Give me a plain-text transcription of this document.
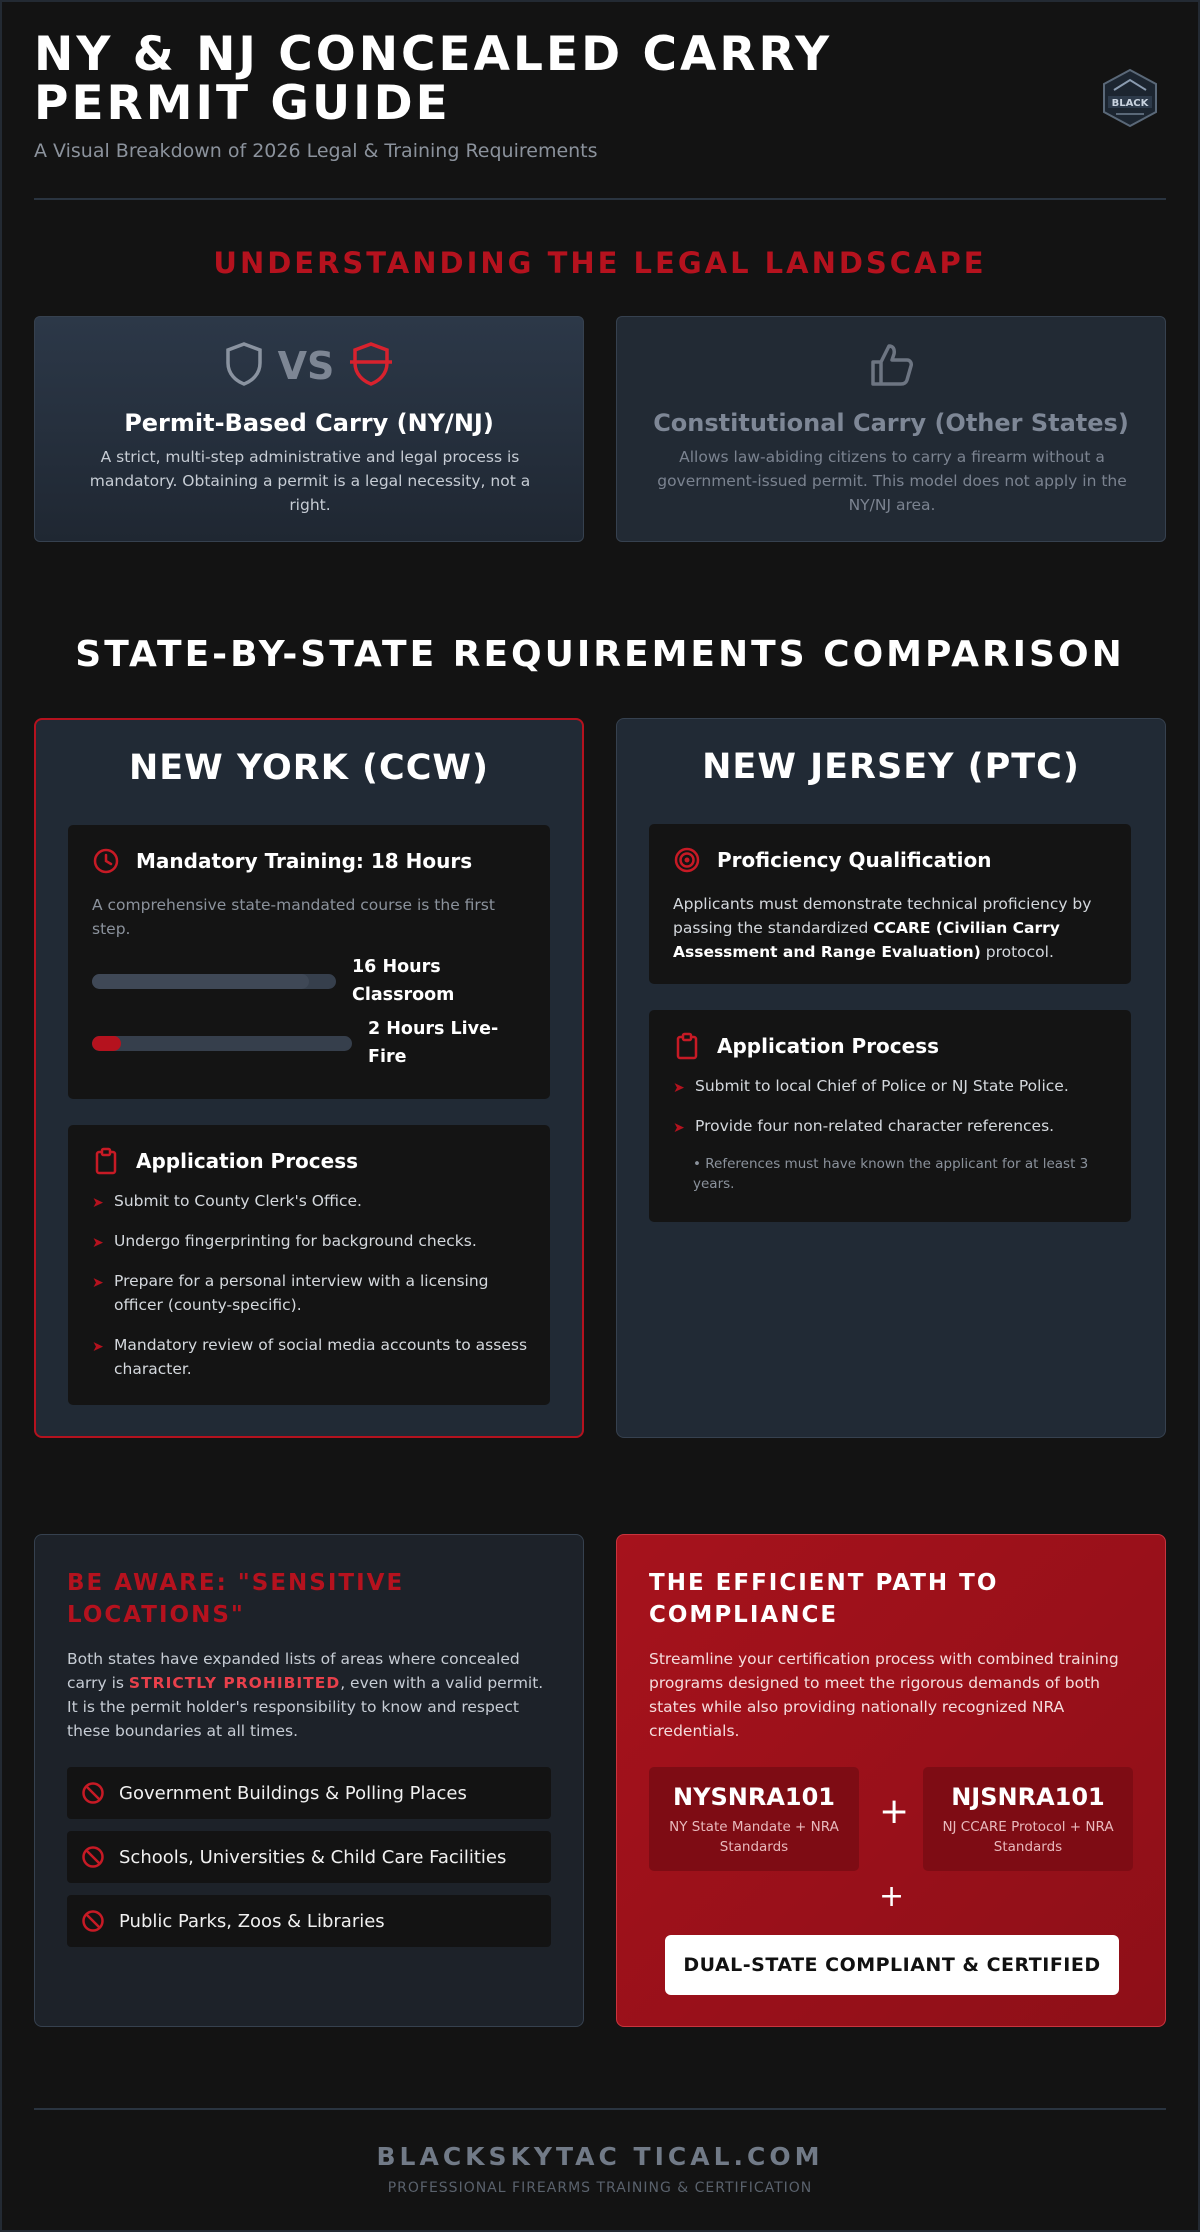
NY & NJ CONCEALED CARRY PERMIT GUIDE
A Visual Breakdown of 2026 Legal & Training Requirements
BLACK
UNDERSTANDING THE LEGAL LANDSCAPE
VS
Permit-Based Carry (NY/NJ)

A strict, multi-step administrative and legal process is mandatory. Obtaining a permit is a legal necessity, not a right.

Constitutional Carry (Other States)

Allows law-abiding citizens to carry a firearm without a government-issued permit. This model does not apply in the NY/NJ area.

STATE-BY-STATE REQUIREMENTS COMPARISON
NEW YORK (CCW)
Mandatory Training: 18 Hours
A comprehensive state-mandated course is the first step.
16 Hours Classroom
2 Hours Live-Fire
Application Process
➤ Submit to County Clerk's Office.
➤ Undergo fingerprinting for background checks.
➤ Prepare for a personal interview with a licensing officer (county-specific).
➤ Mandatory review of social media accounts to assess character.
NEW JERSEY (PTC)
Proficiency Qualification
Applicants must demonstrate technical proficiency by passing the standardized CCARE (Civilian Carry Assessment and Range Evaluation) protocol.
Application Process
➤ Submit to local Chief of Police or NJ State Police.
➤ Provide four non-related character references.
• References must have known the applicant for at least 3 years.
BE AWARE: "SENSITIVE LOCATIONS"

Both states have expanded lists of areas where concealed carry is STRICTLY PROHIBITED, even with a valid permit. It is the permit holder's responsibility to know and respect these boundaries at all times.

Government Buildings & Polling Places
Schools, Universities & Child Care Facilities
Public Parks, Zoos & Libraries
THE EFFICIENT PATH TO COMPLIANCE

Streamline your certification process with combined training programs designed to meet the rigorous demands of both states while also providing nationally recognized NRA credentials.

NYSNRA101
NY State Mandate + NRA Standards
+	NJSNRA101
NJ CCARE Protocol + NRA Standards
+
DUAL-STATE COMPLIANT & CERTIFIED
BLACKSKYTAC TICAL.COM
PROFESSIONAL FIREARMS TRAINING & CERTIFICATION
